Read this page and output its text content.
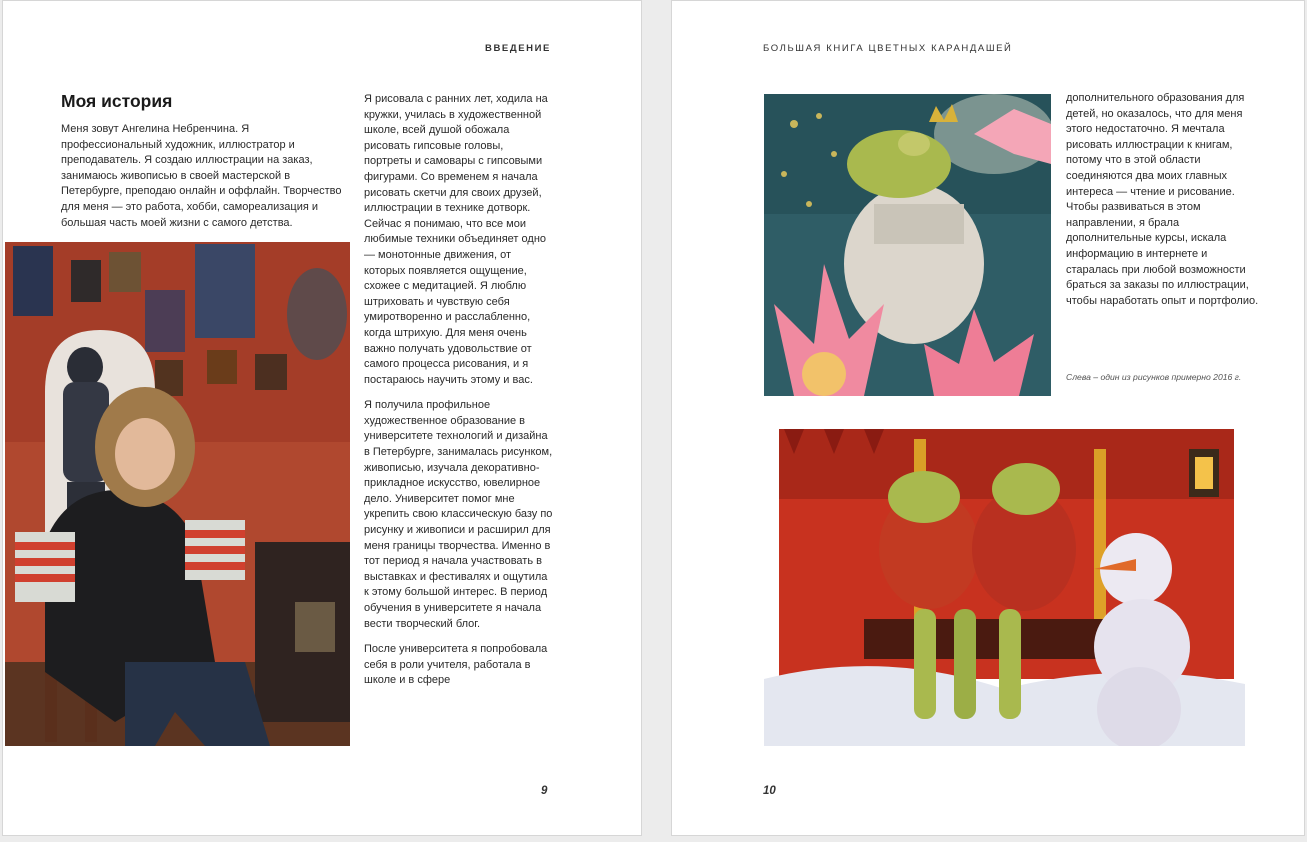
ВВЕДЕНИЕ
Моя история
Меня зовут Ангелина Небренчина. Я профессиональный художник, иллюстратор и преподаватель. Я создаю иллюстрации на заказ, занимаюсь живописью в своей мастерской в Петербурге, преподаю онлайн и оффлайн. Творчество для меня — это работа, хобби, самореализация и большая часть моей жизни с самого детства.

Я рисовала с ранних лет, ходила на кружки, училась в художественной школе, всей душой обожала рисовать гипсовые головы, портреты и самовары с гипсовыми фигурами. Со временем я начала рисовать скетчи для своих друзей, иллюстрации в технике дотворк. Сейчас я понимаю, что все мои любимые техники объединяет одно — монотонные движения, от которых появляется ощущение, схожее с медитацией. Я люблю штриховать и чувствую себя умиротворенно и расслабленно, когда штрихую. Для меня очень важно получать удовольствие от самого процесса рисования, и я постараюсь научить этому и вас.

Я получила профильное художественное образование в университете технологий и дизайна в Петербурге, занималась рисунком, живописью, изучала декоративно-прикладное искусство, ювелирное дело. Университет помог мне укрепить свою классическую базу по рисунку и живописи и расширил для меня границы творчества. Именно в тот период я начала участвовать в выставках и фестивалях и ощутила к этому большой интерес. В период обучения в университете я начала вести творческий блог.

После университета я попробовала себя в роли учителя, работала в школе и в сфере

9
БОЛЬШАЯ КНИГА ЦВЕТНЫХ КАРАНДАШЕЙ
дополнительного образования для детей, но оказалось, что для меня этого недостаточно. Я мечтала рисовать иллюстрации к книгам, потому что в этой области соединяются два моих главных интереса — чтение и рисование. Чтобы развиваться в этом направлении, я брала дополнительные курсы, искала информацию в интернете и старалась при любой возможности браться за заказы по иллюстрации, чтобы наработать опыт и портфолио.
Слева – один из рисунков примерно 2016 г.
10
